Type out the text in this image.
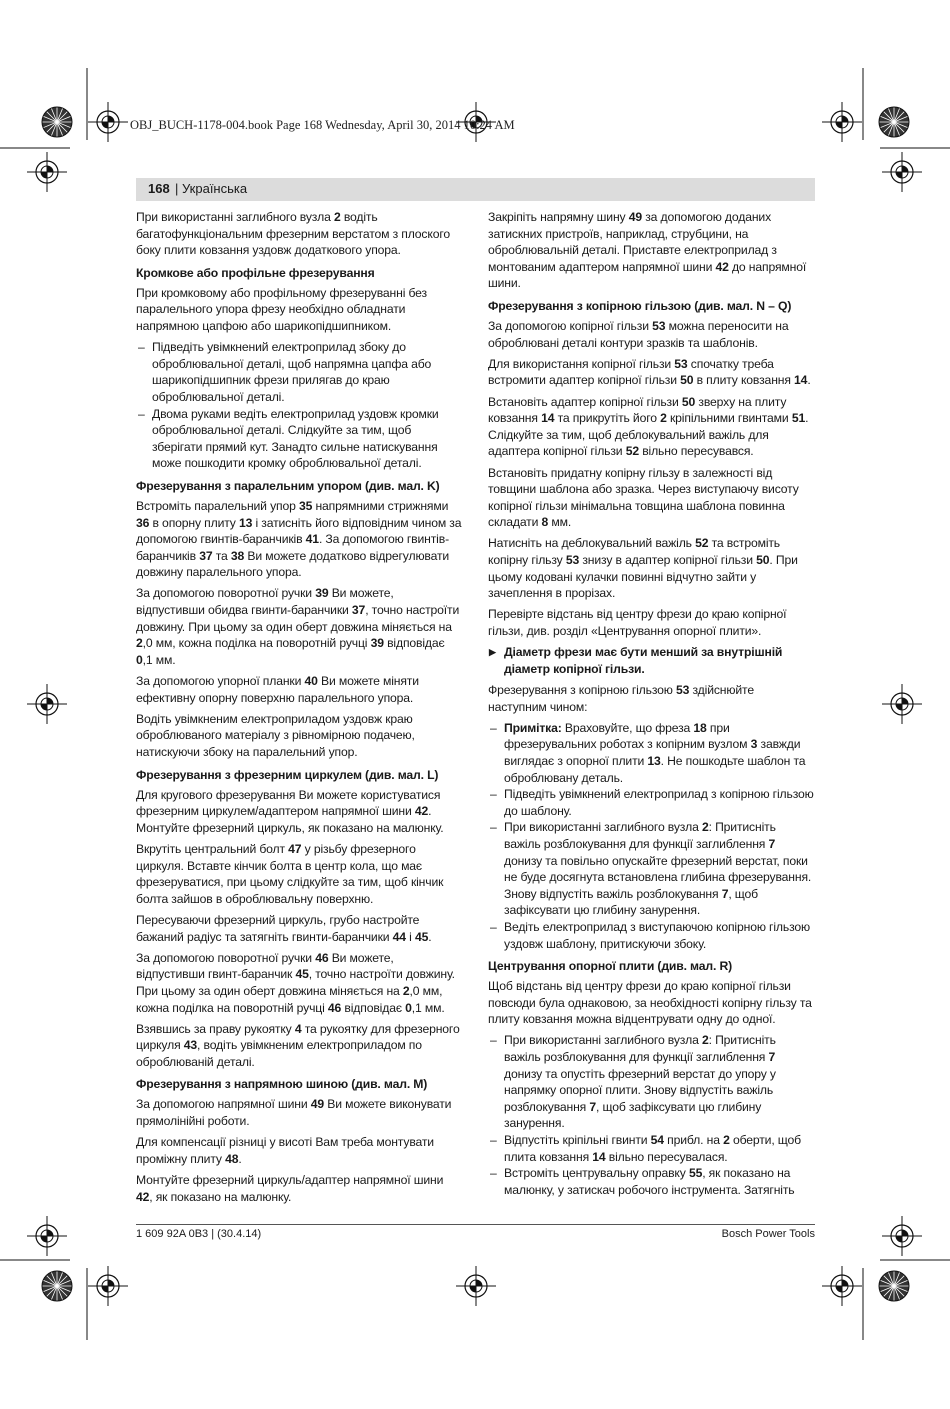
OBJ_BUCH-1178-004.book Page 168 Wednesday, April 30, 2014 10:24 AM
168 | Українська

При використанні заглибного вузла 2 водіть багатофункціональним фрезерним верстатом з плоского боку плити ковзання уздовж додаткового упора.

Кромкове або профільне фрезерування

При кромковому або профільному фрезеруванні без паралельного упора фрезу необхідно обладнати напрямною цапфою або шарикопідшипником.

– Підведіть увімкнений електроприлад збоку до оброблювальної деталі, щоб напрямна цапфа або шарикопідшипник фрези прилягав до краю оброблювальної деталі.
– Двома руками ведіть електроприлад уздовж кромки оброблювальної деталі. Слідкуйте за тим, щоб зберігати прямий кут. Занадто сильне натискування може пошкодити кромку оброблювальної деталі.
Фрезерування з паралельним упором (див. мал. K)

Встроміть паралельний упор 35 напрямними стрижнями 36 в опорну плиту 13 і затисніть його відповідним чином за допомогою гвинтів-баранчиків 41. За допомогою гвинтів-баранчиків 37 та 38 Ви можете додатково відрегулювати довжину паралельного упора.

За допомогою поворотної ручки 39 Ви можете, відпустивши обидва гвинти-баранчики 37, точно настроїти довжину. При цьому за один оберт довжина міняється на 2,0 мм, кожна поділка на поворотній ручці 39 відповідає 0,1 мм.

За допомогою упорної планки 40 Ви можете міняти ефективну опорну поверхню паралельного упора.

Водіть увімкненим електроприладом уздовж краю оброблюваного матеріалу з рівномірною подачею, натискуючи збоку на паралельний упор.

Фрезерування з фрезерним циркулем (див. мал. L)

Для кругового фрезерування Ви можете користуватися фрезерним циркулем/адаптером напрямної шини 42. Монтуйте фрезерний циркуль, як показано на малюнку.

Вкрутіть центральний болт 47 у різьбу фрезерного циркуля. Вставте кінчик болта в центр кола, що має фрезеруватися, при цьому слідкуйте за тим, щоб кінчик болта зайшов в оброблювальну поверхню.

Пересуваючи фрезерний циркуль, грубо настройте бажаний радіус та затягніть гвинти-баранчики 44 і 45.

За допомогою поворотної ручки 46 Ви можете, відпустивши гвинт-баранчик 45, точно настроїти довжину. При цьому за один оберт довжина міняється на 2,0 мм, кожна поділка на поворотній ручці 46 відповідає 0,1 мм.

Взявшись за праву рукоятку 4 та рукоятку для фрезерного циркуля 43, водіть увімкненим електроприладом по оброблюваній деталі.

Фрезерування з напрямною шиною (див. мал. M)

За допомогою напрямної шини 49 Ви можете виконувати прямолінійні роботи.

Для компенсації різниці у висоті Вам треба монтувати проміжну плиту 48.

Монтуйте фрезерний циркуль/адаптер напрямної шини 42, як показано на малюнку.

Закріпіть напрямну шину 49 за допомогою доданих затискних пристроїв, наприклад, струбцини, на оброблювальній деталі. Приставте електроприлад з монтованим адаптером напрямної шини 42 до напрямної шини.

Фрезерування з копірною гільзою (див. мал. N – Q)

За допомогою копірної гільзи 53 можна переносити на оброблювані деталі контури зразків та шаблонів.

Для використання копірної гільзи 53 спочатку треба встромити адаптер копірної гільзи 50 в плиту ковзання 14.

Встановіть адаптер копірної гільзи 50 зверху на плиту ковзання 14 та прикрутіть його 2 кріпільними гвинтами 51. Слідкуйте за тим, щоб деблокувальний важіль для адаптера копірної гільзи 52 вільно пересувався.

Встановіть придатну копірну гільзу в залежності від товщини шаблона або зразка. Через виступаючу висоту копірної гільзи мінімальна товщина шаблона повинна складати 8 мм.

Натисніть на деблокувальний важіль 52 та встроміть копірну гільзу 53 знизу в адаптер копірної гільзи 50. При цьому кодовані кулачки повинні відчутно зайти у зачеплення в прорізах.

Перевірте відстань від центру фрези до краю копірної гільзи, див. розділ «Центрування опорної плити».

▶ Діаметр фрези має бути менший за внутрішній діаметр копірної гільзи.

Фрезерування з копірною гільзою 53 здійснюйте наступним чином:

– Примітка: Враховуйте, що фреза 18 при фрезерувальних роботах з копірним вузлом 3 завжди виглядає з опорної плити 13. Не пошкодьте шаблон та оброблювану деталь.
– Підведіть увімкнений електроприлад з копірною гільзою до шаблону.
– При використанні заглибного вузла 2: Притисніть важіль розблокування для функції заглиблення 7 донизу та повільно опускайте фрезерний верстат, поки не буде досягнута встановлена глибина фрезерування. Знову відпустіть важіль розблокування 7, щоб зафіксувати цю глибину занурення.
– Ведіть електроприлад з виступаючою копірною гільзою уздовж шаблону, притискуючи збоку.
Центрування опорної плити (див. мал. R)

Щоб відстань від центру фрези до краю копірної гільзи повсюди була однаковою, за необхідності копірну гільзу та плиту ковзання можна відцентрувати одну до одної.

– При використанні заглибного вузла 2: Притисніть важіль розблокування для функції заглиблення 7 донизу та опустіть фрезерний верстат до упору у напрямку опорної плити. Знову відпустіть важіль розблокування 7, щоб зафіксувати цю глибину занурення.
– Відпустіть кріпільні гвинти 54 прибл. на 2 оберти, щоб плита ковзання 14 вільно пересувалася.
– Встроміть центрувальну оправку 55, як показано на малюнку, у затискач робочого інструмента. Затягніть
1 609 92A 0B3 | (30.4.14)	Bosch Power Tools
